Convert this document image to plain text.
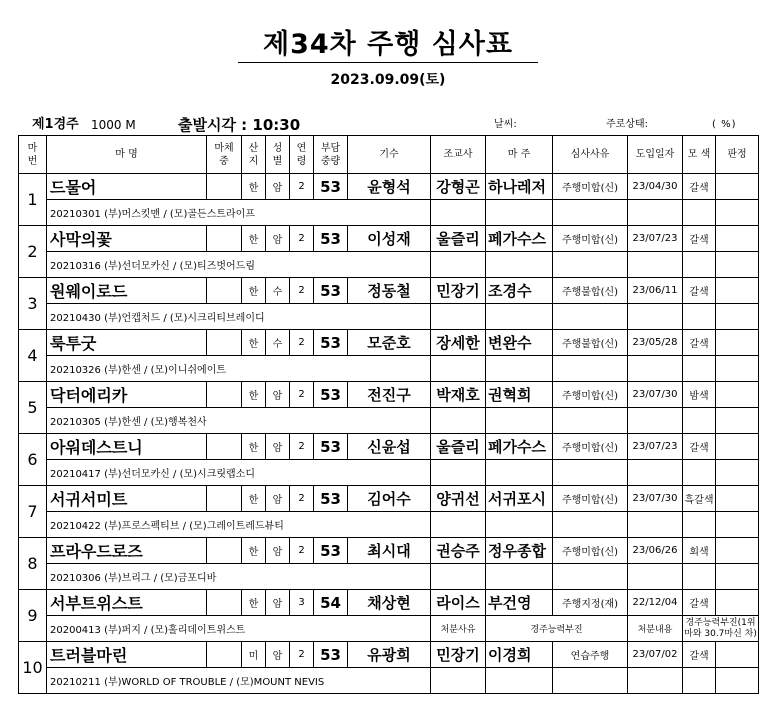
제34차 주행 심사표
2023.09.09(토)
제1경주 1000 M	출발시각 : 10:30	날씨:	주로상태:	( %)
마번	마 명	마체중	산지	성별	연령	부담중량	기수	조교사	마 주	심사사유	도입일자	모 색	판정
1	드물어		한	암	2	53	윤형석	강형곤	하나레저	주행미합(신)	23/04/30	갈색	
	20210301 (부)머스킷맨 / (모)골든스트라이프												
2	사막의꽃		한	암	2	53	이성재	울즐리	페가수스	주행미합(신)	23/07/23	갈색	
	20210316 (부)선더모카신 / (모)티즈벗어드림												
3	원웨이로드		한	수	2	53	정동철	민장기	조경수	주행불합(신)	23/06/11	갈색	
	20210430 (부)언캡처드 / (모)시크리티브레이디												
4	룩투굿		한	수	2	53	모준호	장세한	변완수	주행불합(신)	23/05/28	갈색	
	20210326 (부)한센 / (모)이니쉬에이트												
5	닥터에리카		한	암	2	53	전진구	박재호	권혁희	주행미합(신)	23/07/30	밤색	
	20210305 (부)한센 / (모)행복천사												
6	아워데스트니		한	암	2	53	신윤섭	울즐리	페가수스	주행미합(신)	23/07/23	갈색	
	20210417 (부)선더모카신 / (모)시크릿랩소디												
7	서귀서미트		한	암	2	53	김어수	양귀선	서귀포시	주행미합(신)	23/07/30	흑갈색	
	20210422 (부)프로스펙티브 / (모)그레이트레드뷰티												
8	프라우드로즈		한	암	2	53	최시대	권승주	정우종합	주행미합(신)	23/06/26	회색	
	20210306 (부)브리그 / (모)금포디바												
9	서부트위스트		한	암	3	54	채상현	라이스	부건영	주행지정(재)	22/12/04	갈색	
	20200413 (부)퍼지 / (모)홀리데이트위스트							처분사유	경주능력부진		처분내용	경주능력부진(1위마와 30.7마신 차)	
10	트러블마린		미	암	2	53	유광희	민장기	이경희	연습주행	23/07/02	갈색	
	20210211 (부)WORLD OF TROUBLE / (모)MOUNT NEVIS												
